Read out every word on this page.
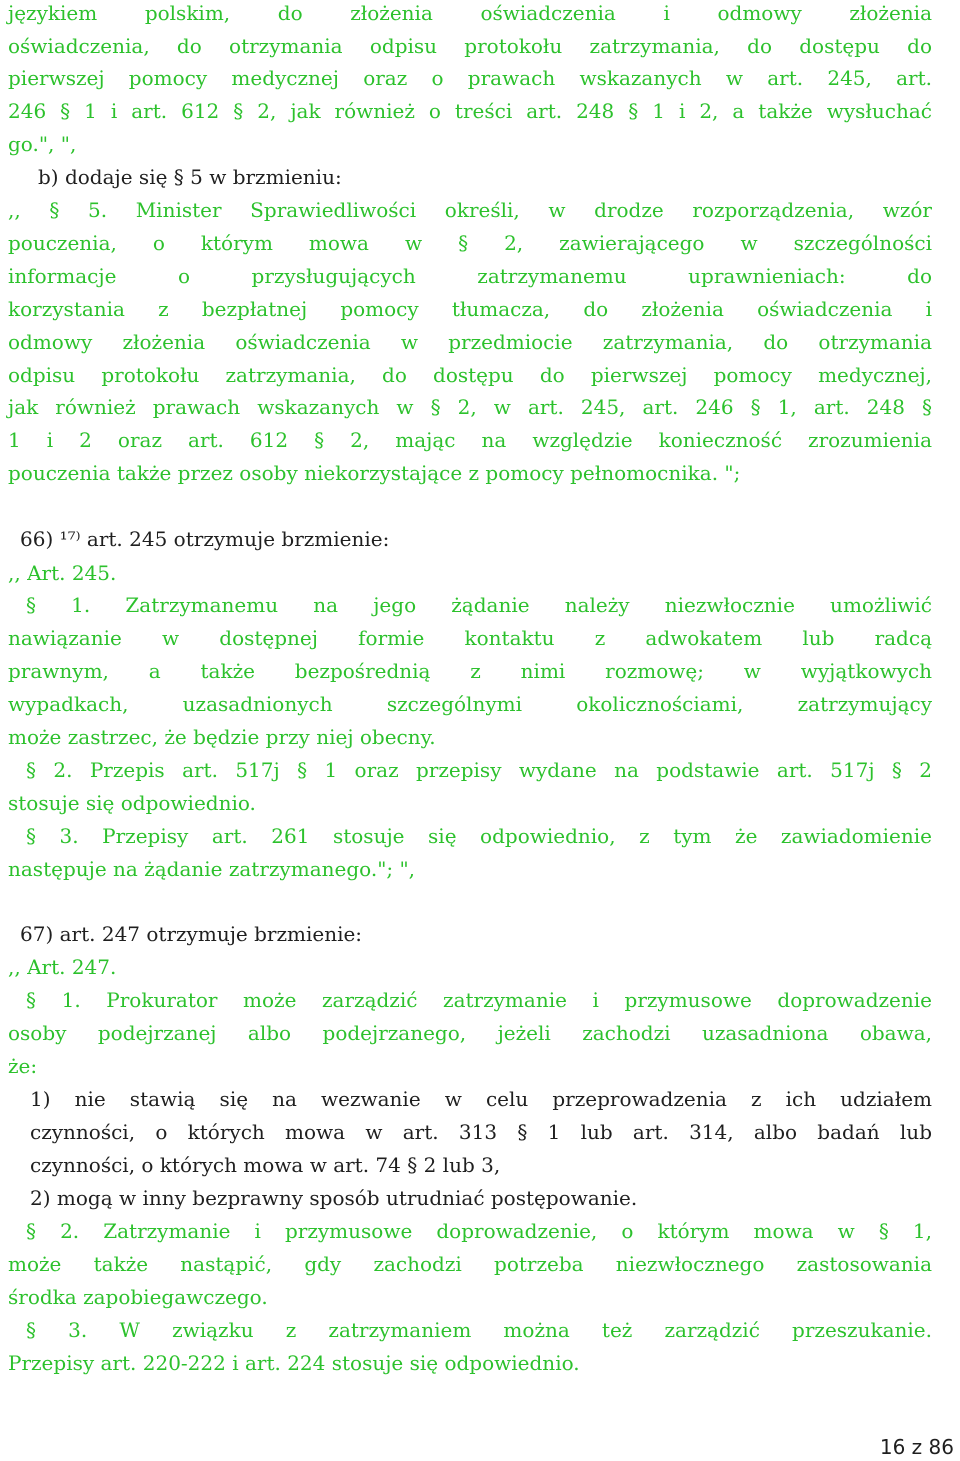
16 z 86
językiem polskim, do złożenia oświadczenia i odmowy złożenia
oświadczenia, do otrzymania odpisu protokołu zatrzymania, do dostępu do
pierwszej pomocy medycznej oraz o prawach wskazanych w art. 245, art.
246 § 1 i art. 612 § 2, jak również o treści art. 248 § 1 i 2, a także wysłuchać
go.", ",
b) dodaje się § 5 w brzmieniu:
,, § 5. Minister Sprawiedliwości określi, w drodze rozporządzenia, wzór
pouczenia, o którym mowa w § 2, zawierającego w szczególności
informacje o przysługujących zatrzymanemu uprawnieniach: do
korzystania z bezpłatnej pomocy tłumacza, do złożenia oświadczenia i
odmowy złożenia oświadczenia w przedmiocie zatrzymania, do otrzymania
odpisu protokołu zatrzymania, do dostępu do pierwszej pomocy medycznej,
jak również prawach wskazanych w § 2, w art. 245, art. 246 § 1, art. 248 §
1 i 2 oraz art. 612 § 2, mając na względzie konieczność zrozumienia
pouczenia także przez osoby niekorzystające z pomocy pełnomocnika. ";
66) ¹⁷⁾ art. 245 otrzymuje brzmienie:
,, Art. 245.
§ 1. Zatrzymanemu na jego żądanie należy niezwłocznie umożliwić
nawiązanie w dostępnej formie kontaktu z adwokatem lub radcą
prawnym, a także bezpośrednią z nimi rozmowę; w wyjątkowych
wypadkach, uzasadnionych szczególnymi okolicznościami, zatrzymujący
może zastrzec, że będzie przy niej obecny.
§ 2. Przepis art. 517j § 1 oraz przepisy wydane na podstawie art. 517j § 2
stosuje się odpowiednio.
§ 3. Przepisy art. 261 stosuje się odpowiednio, z tym że zawiadomienie
następuje na żądanie zatrzymanego."; ",
67) art. 247 otrzymuje brzmienie:
,, Art. 247.
§ 1. Prokurator może zarządzić zatrzymanie i przymusowe doprowadzenie
osoby podejrzanej albo podejrzanego, jeżeli zachodzi uzasadniona obawa,
że:
1) nie stawią się na wezwanie w celu przeprowadzenia z ich udziałem
czynności, o których mowa w art. 313 § 1 lub art. 314, albo badań lub
czynności, o których mowa w art. 74 § 2 lub 3,
2) mogą w inny bezprawny sposób utrudniać postępowanie.
§ 2. Zatrzymanie i przymusowe doprowadzenie, o którym mowa w § 1,
może także nastąpić, gdy zachodzi potrzeba niezwłocznego zastosowania
środka zapobiegawczego.
§ 3. W związku z zatrzymaniem można też zarządzić przeszukanie.
Przepisy art. 220-222 i art. 224 stosuje się odpowiednio.
